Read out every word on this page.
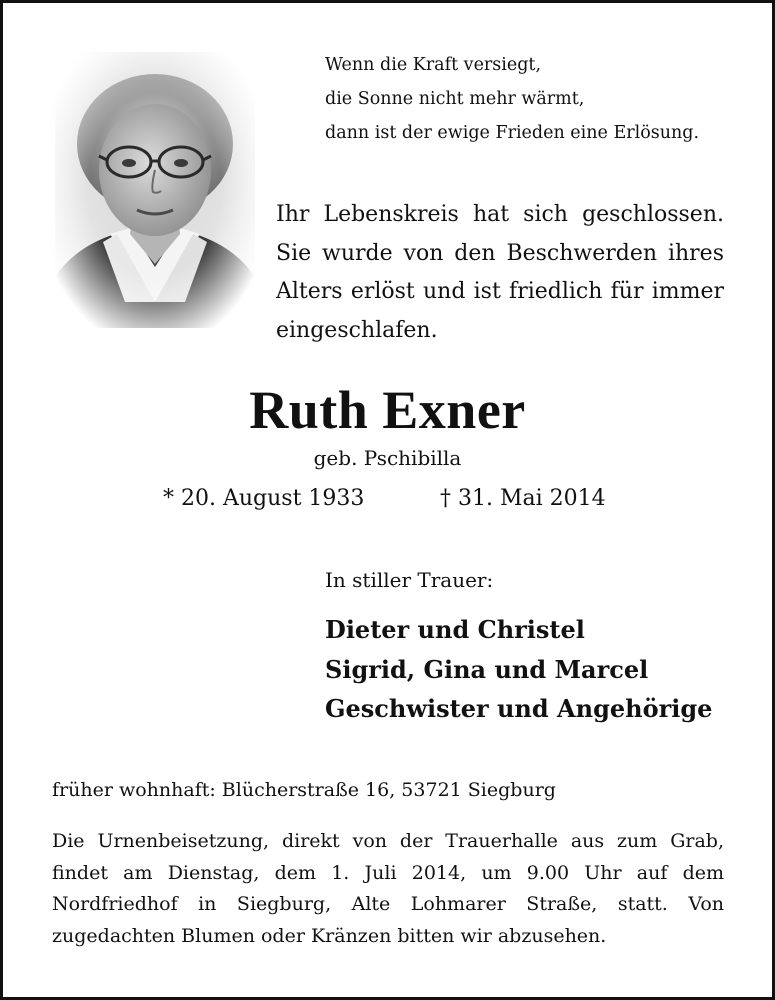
Wenn die Kraft versiegt,
die Sonne nicht mehr wärmt,
dann ist der ewige Frieden eine Erlösung.
Ihr Lebenskreis hat sich geschlossen. Sie wurde von den Beschwerden ihres Alters erlöst und ist friedlich für immer eingeschlafen.
Ruth Exner
geb. Pschibilla
* 20. August 1933	† 31. Mai 2014
In stiller Trauer:
Dieter und Christel
Sigrid, Gina und Marcel
Geschwister und Angehörige
früher wohnhaft: Blücherstraße 16, 53721 Siegburg
Die Urnenbeisetzung, direkt von der Trauerhalle aus zum Grab, findet am Dienstag, dem 1. Juli 2014, um 9.00 Uhr auf dem Nordfriedhof in Siegburg, Alte Lohmarer Straße, statt. Von zugedachten Blumen oder Kränzen bitten wir abzusehen.
